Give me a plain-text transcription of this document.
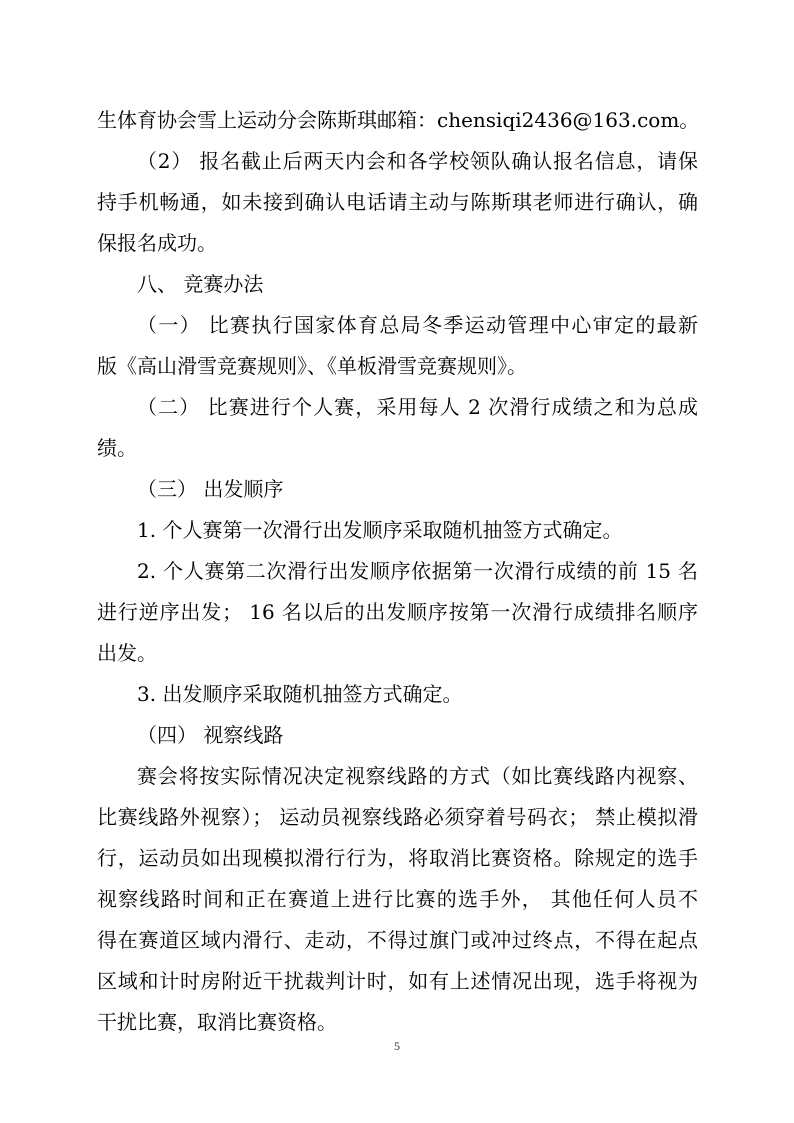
生体育协会雪上运动分会陈斯琪邮箱：chensiqi2436@163.com。
（2） 报名截止后两天内会和各学校领队确认报名信息，请保
持手机畅通，如未接到确认电话请主动与陈斯琪老师进行确认，确
保报名成功。
八、 竞赛办法
（一） 比赛执行国家体育总局冬季运动管理中心审定的最新
版《高山滑雪竞赛规则》、《单板滑雪竞赛规则》。
（二） 比赛进行个人赛，采用每人 2 次滑行成绩之和为总成
绩。
（三） 出发顺序
1. 个人赛第一次滑行出发顺序采取随机抽签方式确定。
2. 个人赛第二次滑行出发顺序依据第一次滑行成绩的前 15 名
进行逆序出发； 16 名以后的出发顺序按第一次滑行成绩排名顺序
出发。
3. 出发顺序采取随机抽签方式确定。
（四） 视察线路
赛会将按实际情况决定视察线路的方式（如比赛线路内视察、
比赛线路外视察）； 运动员视察线路必须穿着号码衣； 禁止模拟滑
行，运动员如出现模拟滑行行为，将取消比赛资格。除规定的选手
视察线路时间和正在赛道上进行比赛的选手外， 其他任何人员不
得在赛道区域内滑行、走动，不得过旗门或冲过终点，不得在起点
区域和计时房附近干扰裁判计时，如有上述情况出现，选手将视为
干扰比赛，取消比赛资格。
5
